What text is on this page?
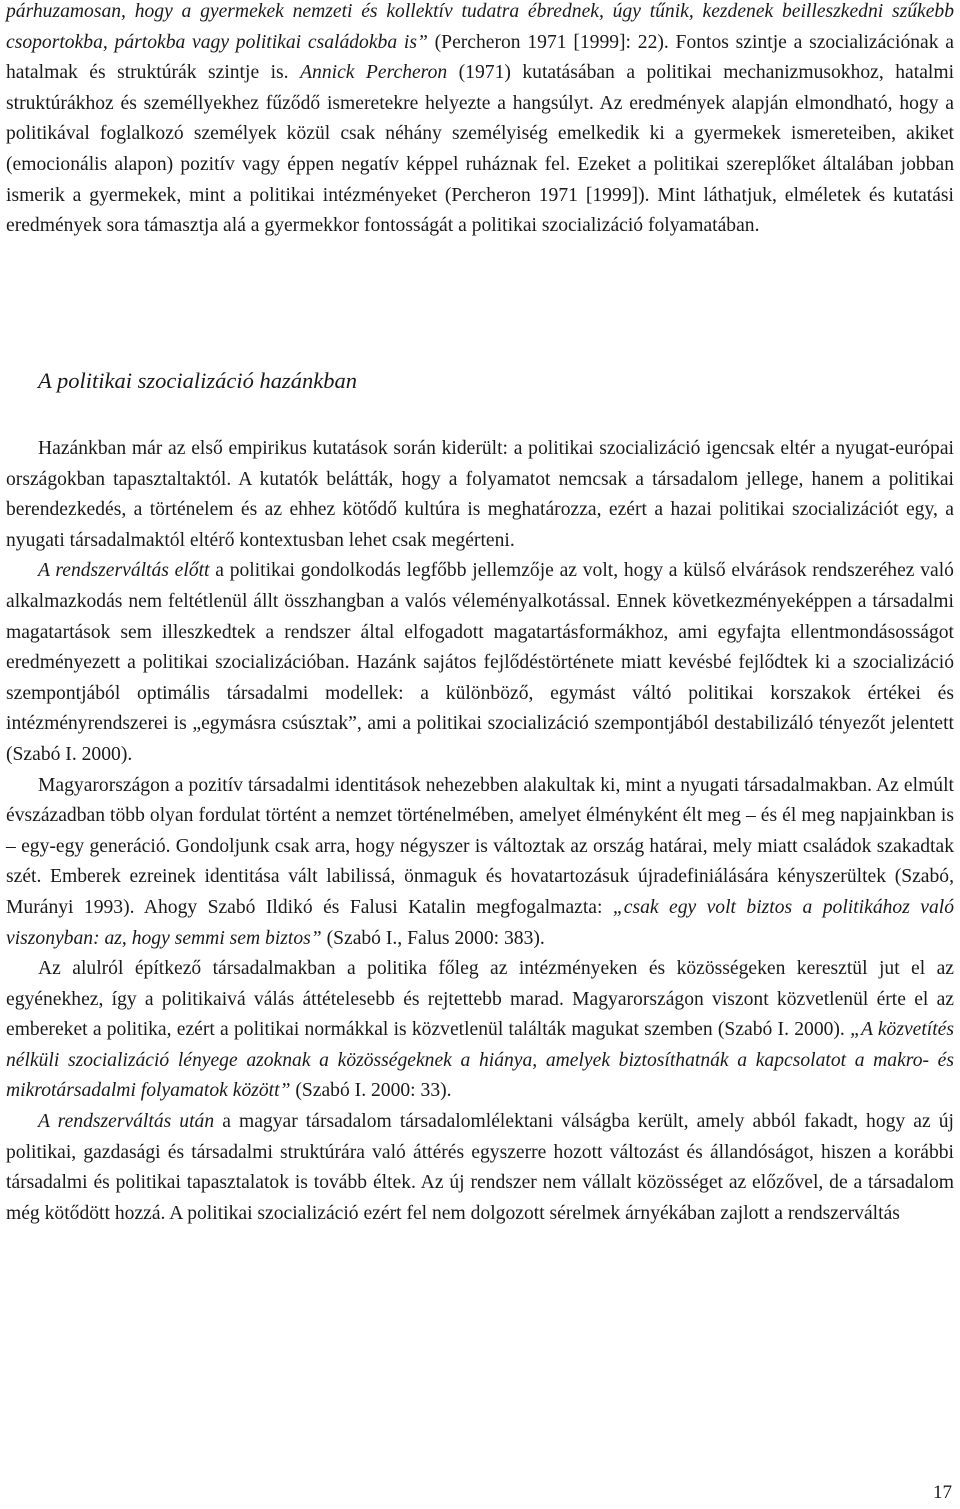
párhuzamosan, hogy a gyermekek nemzeti és kollektív tudatra ébrednek, úgy tűnik, kezdenek beilleszkedni szűkebb csoportokba, pártokba vagy politikai családokba is” (Percheron 1971 [1999]: 22). Fontos szintje a szocializációnak a hatalmak és struktúrák szintje is. Annick Percheron (1971) kutatásában a politikai mechanizmusokhoz, hatalmi struktúrákhoz és személlyekhez fűződő ismeretekre helyezte a hangsúlyt. Az eredmények alapján elmondható, hogy a politikával foglalkozó személyek közül csak néhány személyiség emelkedik ki a gyermekek ismereteiben, akiket (emocionális alapon) pozitív vagy éppen negatív képpel ruháznak fel. Ezeket a politikai szereplőket általában jobban ismerik a gyermekek, mint a politikai intézményeket (Percheron 1971 [1999]). Mint láthatjuk, elméletek és kutatási eredmények sora támasztja alá a gyermekkor fontosságát a politikai szocializáció folyamatában.

A politikai szocializáció hazánkban

Hazánkban már az első empirikus kutatások során kiderült: a politikai szocializáció igencsak eltér a nyugat-európai országokban tapasztaltaktól. A kutatók belátták, hogy a folyamatot nemcsak a társadalom jellege, hanem a politikai berendezkedés, a történelem és az ehhez kötődő kultúra is meghatározza, ezért a hazai politikai szocializációt egy, a nyugati társadalmaktól eltérő kontextusban lehet csak megérteni.

A rendszerváltás előtt a politikai gondolkodás legfőbb jellemzője az volt, hogy a külső elvárások rendszeréhez való alkalmazkodás nem feltétlenül állt összhangban a valós véleményalkotással. Ennek következményeképpen a társadalmi magatartások sem illeszkedtek a rendszer által elfogadott magatartásformákhoz, ami egyfajta ellentmondásosságot eredményezett a politikai szocializációban. Hazánk sajátos fejlődéstörténete miatt kevésbé fejlődtek ki a szocializáció szempontjából optimális társadalmi modellek: a különböző, egymást váltó politikai korszakok értékei és intézményrendszerei is „egymásra csúsztak”, ami a politikai szocializáció szempontjából destabilizáló tényezőt jelentett (Szabó I. 2000).

Magyarországon a pozitív társadalmi identitások nehezebben alakultak ki, mint a nyugati társadalmakban. Az elmúlt évszázadban több olyan fordulat történt a nemzet történelmében, amelyet élményként élt meg – és él meg napjainkban is – egy-egy generáció. Gondoljunk csak arra, hogy négyszer is változtak az ország határai, mely miatt családok szakadtak szét. Emberek ezreinek identitása vált labilissá, önmaguk és hovatartozásuk újradefiniálására kényszerültek (Szabó, Murányi 1993). Ahogy Szabó Ildikó és Falusi Katalin megfogalmazta: „csak egy volt biztos a politikához való viszonyban: az, hogy semmi sem biztos” (Szabó I., Falus 2000: 383).

Az alulról építkező társadalmakban a politika főleg az intézményeken és közösségeken keresztül jut el az egyénekhez, így a politikaivá válás áttételesebb és rejtettebb marad. Magyarországon viszont közvetlenül érte el az embereket a politika, ezért a politikai normákkal is közvetlenül találták magukat szemben (Szabó I. 2000). „A közvetítés nélküli szocializáció lényege azoknak a közösségeknek a hiánya, amelyek biztosíthatnák a kapcsolatot a makro- és mikrotársadalmi folyamatok között” (Szabó I. 2000: 33).

A rendszerváltás után a magyar társadalom társadalomlélektani válságba került, amely abból fakadt, hogy az új politikai, gazdasági és társadalmi struktúrára való áttérés egyszerre hozott változást és állandóságot, hiszen a korábbi társadalmi és politikai tapasztalatok is tovább éltek. Az új rendszer nem vállalt közösséget az előzővel, de a társadalom még kötődött hozzá. A politikai szocializáció ezért fel nem dolgozott sérelmek árnyékában zajlott a rendszerváltás

17
